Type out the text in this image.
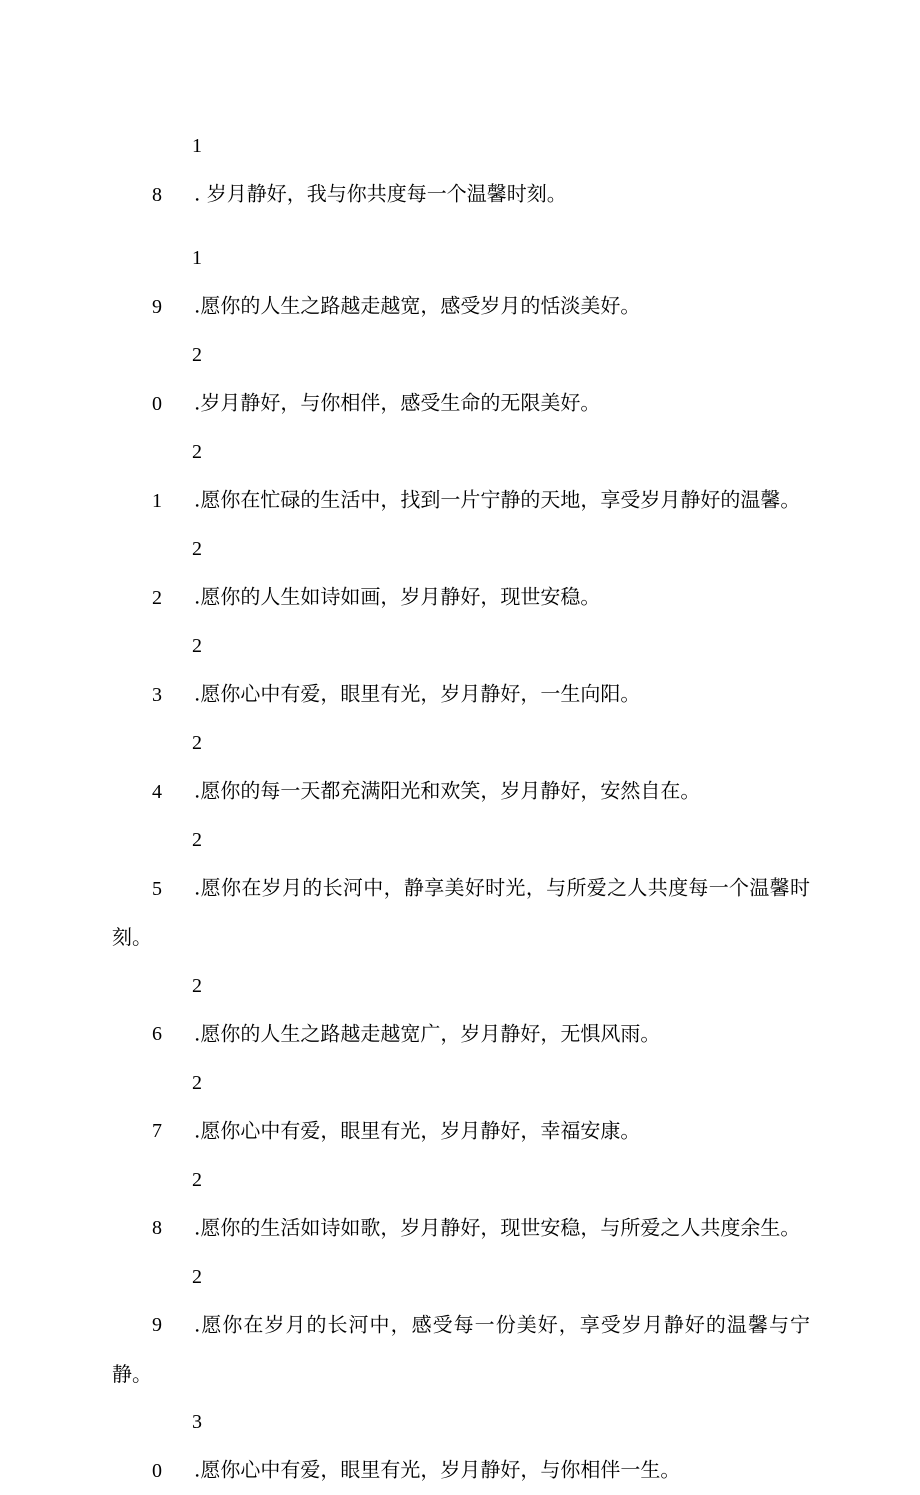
18 . 岁月静好，我与你共度每一个温馨时刻。

19 .愿你的人生之路越走越宽，感受岁月的恬淡美好。

20 .岁月静好，与你相伴，感受生命的无限美好。

21 .愿你在忙碌的生活中，找到一片宁静的天地，享受岁月静好的温馨。

22 .愿你的人生如诗如画，岁月静好，现世安稳。

23 .愿你心中有爱，眼里有光，岁月静好，一生向阳。

24 .愿你的每一天都充满阳光和欢笑，岁月静好，安然自在。

25 .愿你在岁月的长河中，静享美好时光，与所爱之人共度每一个温馨时刻。

26 .愿你的人生之路越走越宽广，岁月静好，无惧风雨。

27 .愿你心中有爱，眼里有光，岁月静好，幸福安康。

28 .愿你的生活如诗如歌，岁月静好，现世安稳，与所爱之人共度余生。

29 .愿你在岁月的长河中，感受每一份美好，享受岁月静好的温馨与宁静。

30 .愿你心中有爱，眼里有光，岁月静好，与你相伴一生。
